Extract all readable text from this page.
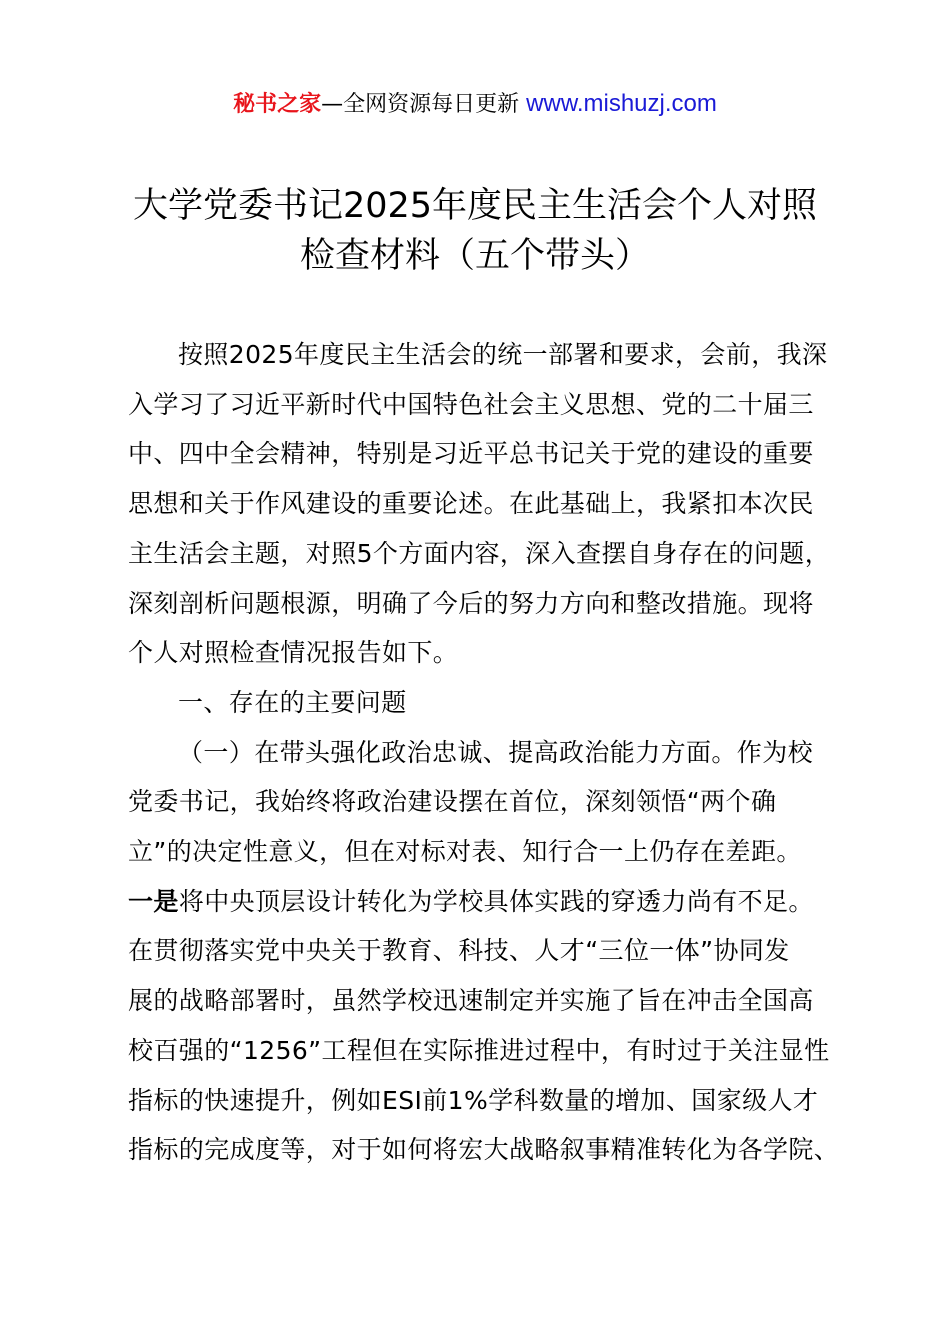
秘书之家—全网资源每日更新 www.mishuzj.com
大学党委书记2025年度民主生活会个人对照
检查材料（五个带头）
按照2025年度民主生活会的统一部署和要求，会前，我深
入学习了习近平新时代中国特色社会主义思想、党的二十届三
中、四中全会精神，特别是习近平总书记关于党的建设的重要
思想和关于作风建设的重要论述。在此基础上，我紧扣本次民
主生活会主题，对照5个方面内容，深入查摆自身存在的问题，
深刻剖析问题根源，明确了今后的努力方向和整改措施。现将
个人对照检查情况报告如下。
一、存在的主要问题
（一）在带头强化政治忠诚、提高政治能力方面。作为校
党委书记，我始终将政治建设摆在首位，深刻领悟“两个确
立”的决定性意义，但在对标对表、知行合一上仍存在差距。
一是将中央顶层设计转化为学校具体实践的穿透力尚有不足。
在贯彻落实党中央关于教育、科技、人才“三位一体”协同发
展的战略部署时，虽然学校迅速制定并实施了旨在冲击全国高
校百强的“1256”工程但在实际推进过程中，有时过于关注显性
指标的快速提升，例如ESI前1%学科数量的增加、国家级人才
指标的完成度等，对于如何将宏大战略叙事精准转化为各学院、
